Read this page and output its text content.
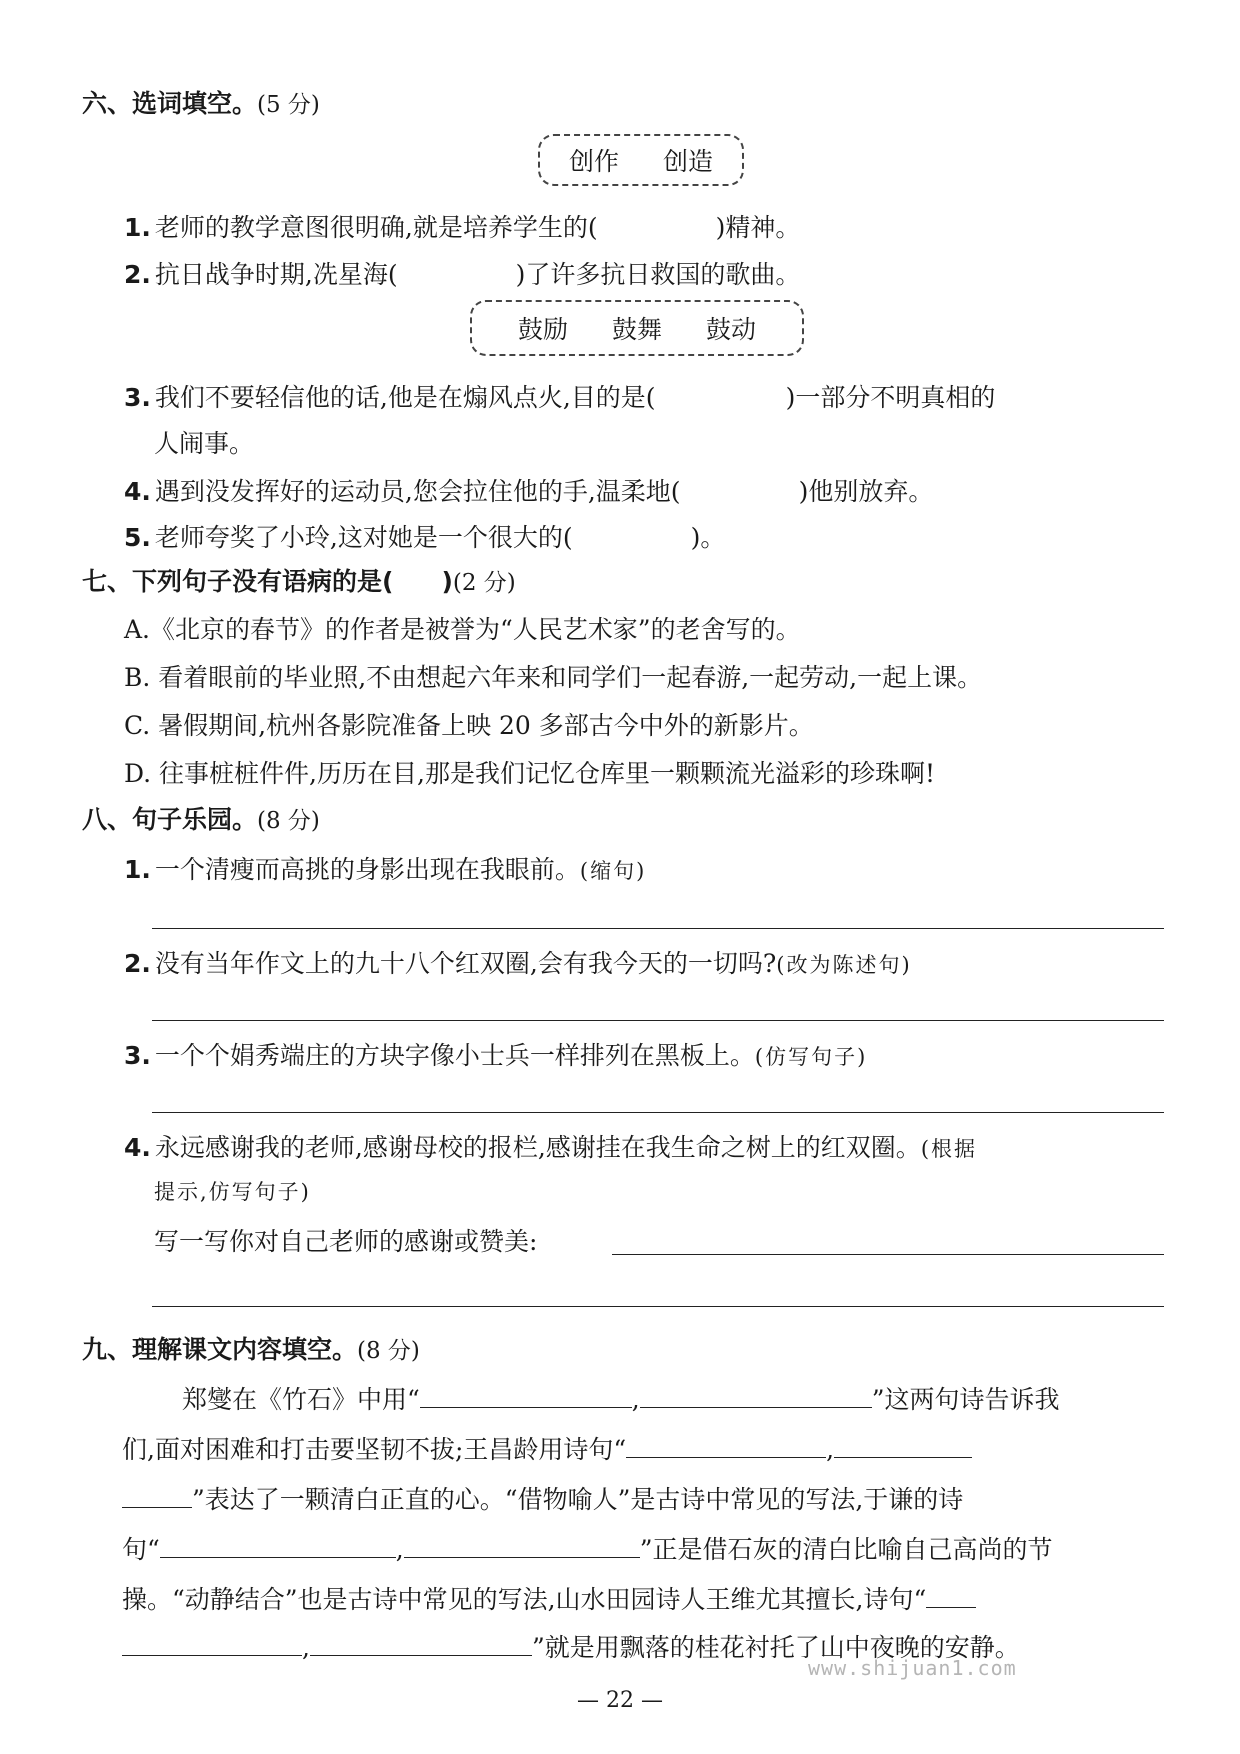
六、选词填空。(5 分)
创作 创造
1. 老师的教学意图很明确,就是培养学生的(	)精神。
2. 抗日战争时期,冼星海(	)了许多抗日救国的歌曲。
鼓励 鼓舞 鼓动
3. 我们不要轻信他的话,他是在煽风点火,目的是(	)一部分不明真相的
人闹事。
4. 遇到没发挥好的运动员,您会拉住他的手,温柔地(	)他别放弃。
5. 老师夸奖了小玲,这对她是一个很大的(	)。
七、下列句子没有语病的是( )(2 分)
A.《北京的春节》的作者是被誉为“人民艺术家”的老舍写的。
B. 看着眼前的毕业照,不由想起六年来和同学们一起春游,一起劳动,一起上课。
C. 暑假期间,杭州各影院准备上映 20 多部古今中外的新影片。
D. 往事桩桩件件,历历在目,那是我们记忆仓库里一颗颗流光溢彩的珍珠啊!
八、句子乐园。(8 分)
1. 一个清瘦而高挑的身影出现在我眼前。(缩句)
2. 没有当年作文上的九十八个红双圈,会有我今天的一切吗?(改为陈述句)
3. 一个个娟秀端庄的方块字像小士兵一样排列在黑板上。(仿写句子)
4. 永远感谢我的老师,感谢母校的报栏,感谢挂在我生命之树上的红双圈。(根据
提示,仿写句子)
写一写你对自己老师的感谢或赞美:
九、理解课文内容填空。(8 分)
郑燮在《竹石》中用“	,	”这两句诗告诉我
们,面对困难和打击要坚韧不拔;王昌龄用诗句“	,
”表达了一颗清白正直的心。“借物喻人”是古诗中常见的写法,于谦的诗
句“	,	”正是借石灰的清白比喻自己高尚的节
操。“动静结合”也是古诗中常见的写法,山水田园诗人王维尤其擅长,诗句“
,	”就是用飘落的桂花衬托了山中夜晚的安静。
www.shijuan1.com
— 22 —
